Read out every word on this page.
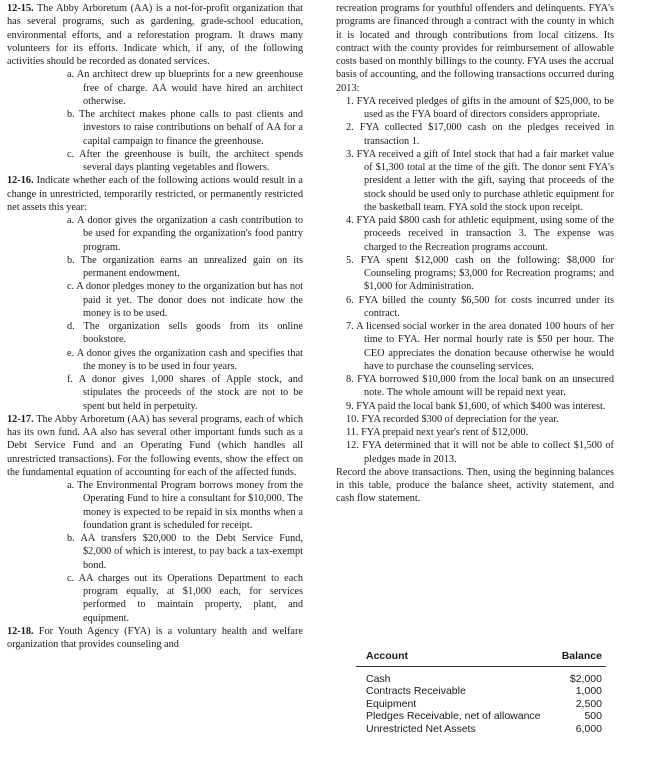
12-15. The Abby Arboretum (AA) is a not-for-profit organization that has several programs, such as gardening, grade-school education, environmental efforts, and a reforestation program. It draws many volunteers for its efforts. Indicate which, if any, of the following activities should be recorded as donated services.
a. An architect drew up blueprints for a new greenhouse free of charge. AA would have hired an architect otherwise.
b. The architect makes phone calls to past clients and investors to raise contributions on behalf of AA for a capital campaign to finance the greenhouse.
c. After the greenhouse is built, the architect spends several days planting vegetables and flowers.
12-16. Indicate whether each of the following actions would result in a change in unrestricted, temporarily restricted, or permanently restricted net assets this year:
a. A donor gives the organization a cash contribution to be used for expanding the organization's food pantry program.
b. The organization earns an unrealized gain on its permanent endowment.
c. A donor pledges money to the organization but has not paid it yet. The donor does not indicate how the money is to be used.
d. The organization sells goods from its online bookstore.
e. A donor gives the organization cash and specifies that the money is to be used in four years.
f. A donor gives 1,000 shares of Apple stock, and stipulates the proceeds of the stock are not to be spent but held in perpetuity.
12-17. The Abby Arboretum (AA) has several programs, each of which has its own fund. AA also has several other important funds such as a Debt Service Fund and an Operating Fund (which handles all unrestricted transactions). For the following events, show the effect on the fundamental equation of accounting for each of the affected funds.
a. The Environmental Program borrows money from the Operating Fund to hire a consultant for $10,000. The money is expected to be repaid in six months when a foundation grant is scheduled for receipt.
b. AA transfers $20,000 to the Debt Service Fund, $2,000 of which is interest, to pay back a tax-exempt bond.
c. AA charges out its Operations Department to each program equally, at $1,000 each, for services performed to maintain property, plant, and equipment.
12-18. For Youth Agency (FYA) is a voluntary health and welfare organization that provides counseling and
recreation programs for youthful offenders and delinquents. FYA's programs are financed through a contract with the county in which it is located and through contributions from local citizens. Its contract with the county provides for reimbursement of allowable costs based on monthly billings to the county. FYA uses the accrual basis of accounting, and the following transactions occurred during 2013:
1. FYA received pledges of gifts in the amount of $25,000, to be used as the FYA board of directors considers appropriate.
2. FYA collected $17,000 cash on the pledges received in transaction 1.
3. FYA received a gift of Intel stock that had a fair market value of $1,300 total at the time of the gift. The donor sent FYA's president a letter with the gift, saying that proceeds of the stock should be used only to purchase athletic equipment for the basketball team. FYA sold the stock upon receipt.
4. FYA paid $800 cash for athletic equipment, using some of the proceeds received in transaction 3. The expense was charged to the Recreation programs account.
5. FYA spent $12,000 cash on the following: $8,000 for Counseling programs; $3,000 for Recreation programs; and $1,000 for Administration.
6. FYA billed the county $6,500 for costs incurred under its contract.
7. A licensed social worker in the area donated 100 hours of her time to FYA. Her normal hourly rate is $50 per hour. The CEO appreciates the donation because otherwise he would have to purchase the counseling services.
8. FYA borrowed $10,000 from the local bank on an unsecured note. The whole amount will be repaid next year.
9. FYA paid the local bank $1,600, of which $400 was interest.
10. FYA recorded $300 of depreciation for the year.
11. FYA prepaid next year's rent of $12,000.
12. FYA determined that it will not be able to collect $1,500 of pledges made in 2013.
Record the above transactions. Then, using the beginning balances in this table, produce the balance sheet, activity statement, and cash flow statement.
Account	Balance
Cash	$2,000
Contracts Receivable	1,000
Equipment	2,500
Pledges Receivable, net of allowance	500
Unrestricted Net Assets	6,000
